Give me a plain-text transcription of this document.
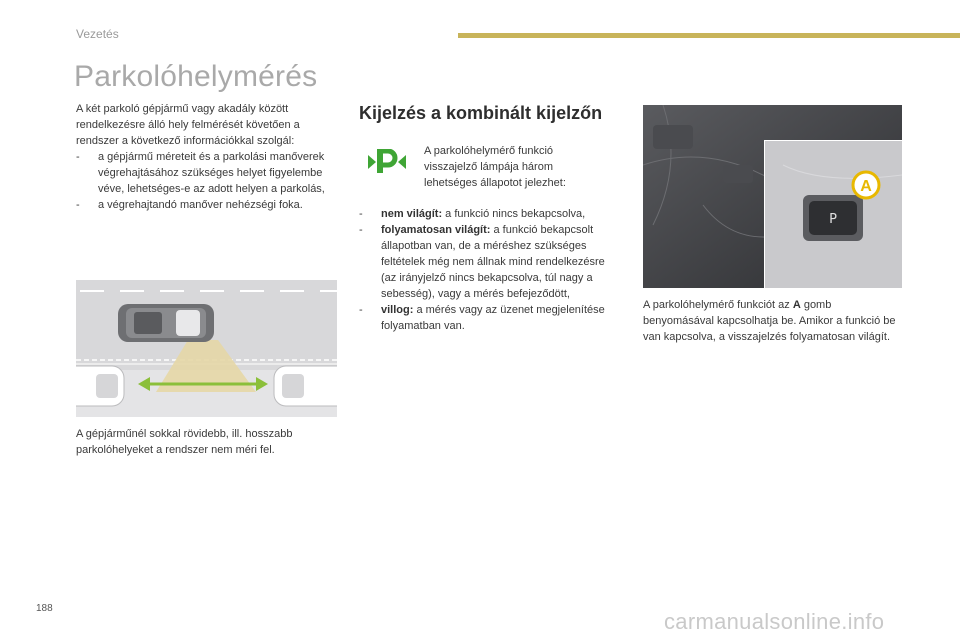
Vezetés
Parkolóhelymérés
A két parkoló gépjármű vagy akadály között rendelkezésre álló hely felmérését követően a rendszer a következő információkkal szolgál:
- a gépjármű méreteit és a parkolási manőverek végrehajtásához szükséges helyet figyelembe véve, lehetséges-e az adott helyen a parkolás,
- a végrehajtandó manőver nehézségi foka.
A gépjárműnél sokkal rövidebb, ill. hosszabb parkolóhelyeket a rendszer nem méri fel.
Kijelzés a kombinált kijelzőn
A parkolóhelymérő funkció visszajelző lámpája három lehetséges állapotot jelezhet:
- nem világít: a funkció nincs bekapcsolva,
- folyamatosan világít: a funkció bekapcsolt állapotban van, de a méréshez szükséges feltételek még nem állnak mind rendelkezésre (az irányjelző nincs bekapcsolva, túl nagy a sebesség), vagy a mérés befejeződött,
- villog: a mérés vagy az üzenet megjelenítése folyamatban van.
P
A
A parkolóhelymérő funkciót az A gomb benyomásával kapcsolhatja be. Amikor a funkció be van kapcsolva, a visszajelzés folyamatosan világít.
188
carmanualsonline.info
